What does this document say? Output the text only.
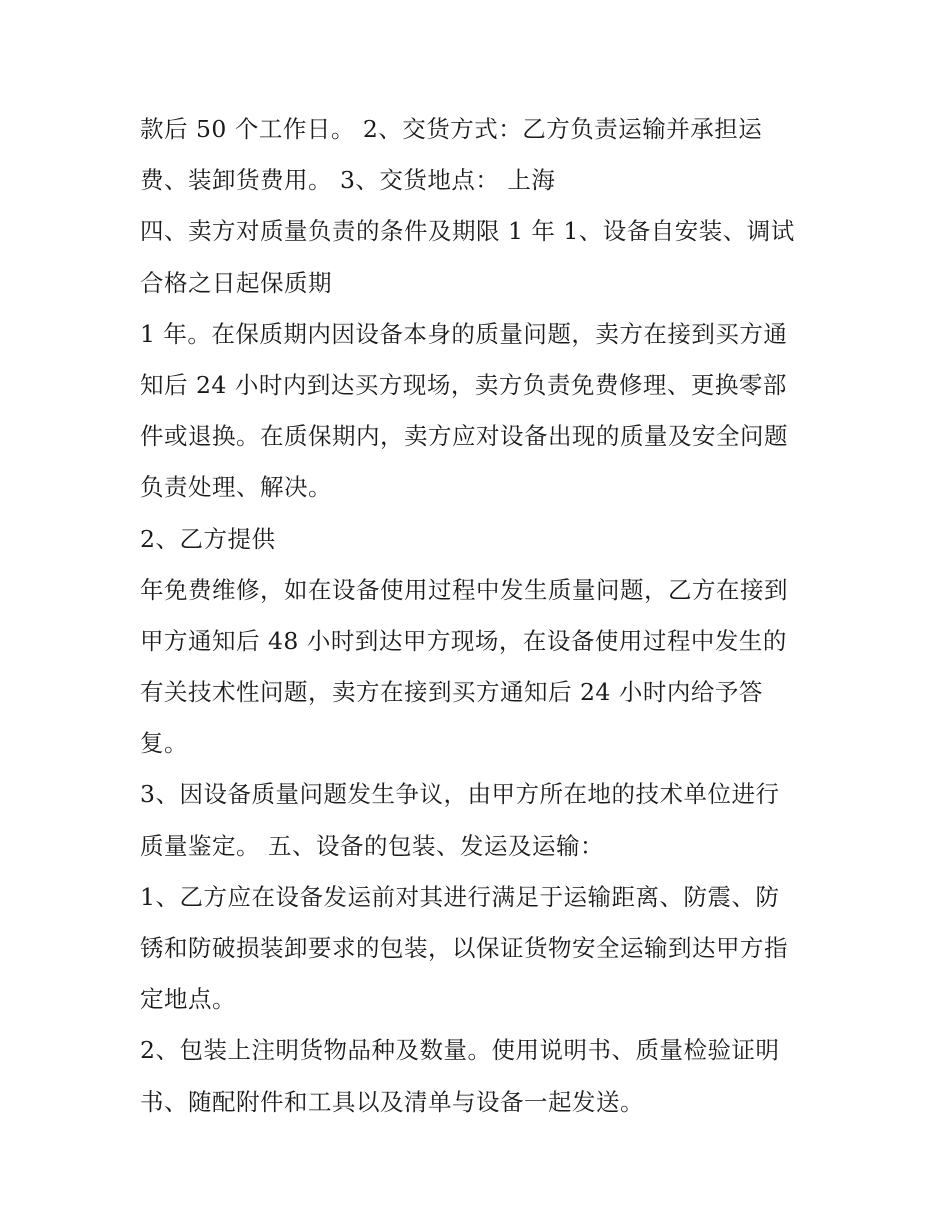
款后 50 个工作日。 2、交货方式：乙方负责运输并承担运
费、装卸货费用。 3、交货地点： 上海
四、卖方对质量负责的条件及期限 1 年 1、设备自安装、调试
合格之日起保质期
1 年。在保质期内因设备本身的质量问题，卖方在接到买方通
知后 24 小时内到达买方现场，卖方负责免费修理、更换零部
件或退换。在质保期内，卖方应对设备出现的质量及安全问题
负责处理、解决。
2、乙方提供
年免费维修，如在设备使用过程中发生质量问题，乙方在接到
甲方通知后 48 小时到达甲方现场，在设备使用过程中发生的
有关技术性问题，卖方在接到买方通知后 24 小时内给予答
复。
3、因设备质量问题发生争议，由甲方所在地的技术单位进行
质量鉴定。 五、设备的包装、发运及运输：
1、乙方应在设备发运前对其进行满足于运输距离、防震、防
锈和防破损装卸要求的包装，以保证货物安全运输到达甲方指
定地点。
2、包装上注明货物品种及数量。使用说明书、质量检验证明
书、随配附件和工具以及清单与设备一起发送。
